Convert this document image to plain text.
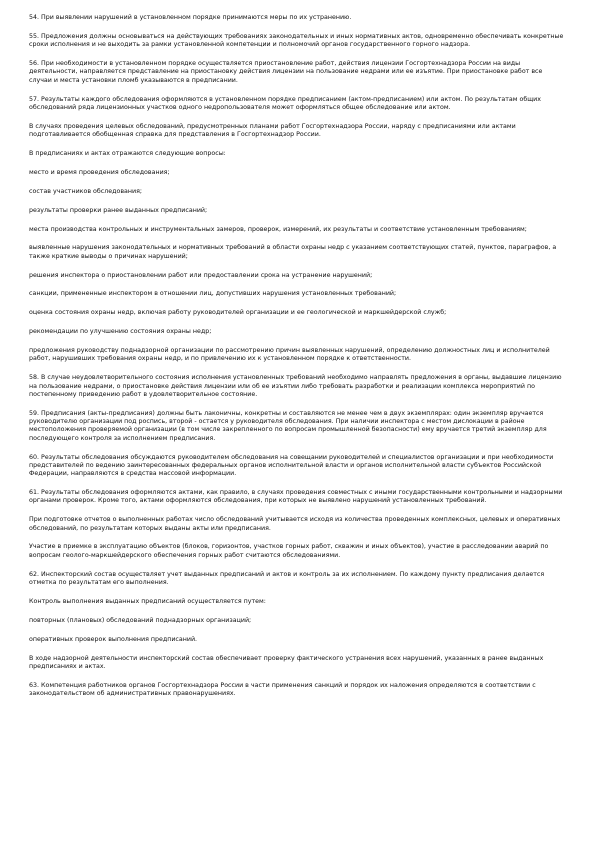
54. При выявлении нарушений в установленном порядке принимаются меры по их устранению.

55. Предложения должны основываться на действующих требованиях законодательных и иных нормативных актов, одновременно обеспечивать конкретные сроки исполнения и не выходить за рамки установленной компетенции и полномочий органов государственного горного надзора.

56. При необходимости в установленном порядке осуществляется приостановление работ, действия лицензии Госгортехнадзора России на виды деятельности, направляется представление на приостановку действия лицензии на пользование недрами или ее изъятие. При приостановке работ все случаи и места установки пломб указываются в предписании.

57. Результаты каждого обследования оформляются в установленном порядке предписанием (актом-предписанием) или актом. По результатам общих обследований ряда лицензионных участков одного недропользователя может оформляться общее обследование или актом.

В случаях проведения целевых обследований, предусмотренных планами работ Госгортехнадзора России, наряду с предписаниями или актами подготавливается обобщенная справка для представления в Госгортехнадзор России.

В предписаниях и актах отражаются следующие вопросы:

место и время проведения обследования;

состав участников обследования;

результаты проверки ранее выданных предписаний;

места производства контрольных и инструментальных замеров, проверок, измерений, их результаты и соответствие установленным требованиям;

выявленные нарушения законодательных и нормативных требований в области охраны недр с указанием соответствующих статей, пунктов, параграфов, а также краткие выводы о причинах нарушений;

решения инспектора о приостановлении работ или предоставлении срока на устранение нарушений;

санкции, примененные инспектором в отношении лиц, допустивших нарушения установленных требований;

оценка состояния охраны недр, включая работу руководителей организации и ее геологической и маркшейдерской служб;

рекомендации по улучшению состояния охраны недр;

предложения руководству поднадзорной организации по рассмотрению причин выявленных нарушений, определению должностных лиц и исполнителей работ, нарушивших требования охраны недр, и по привлечению их к установленном порядке к ответственности.

58. В случае неудовлетворительного состояния исполнения установленных требований необходимо направлять предложения в органы, выдавшие лицензию на пользование недрами, о приостановке действия лицензии или об ее изъятии либо требовать разработки и реализации комплекса мероприятий по постепенному приведению работ в удовлетворительное состояние.

59. Предписания (акты-предписания) должны быть лаконичны, конкретны и составляются не менее чем в двух экземплярах: один экземпляр вручается руководителю организации под роспись, второй - остается у руководителя обследования. При наличии инспектора с местом дислокации в районе местоположения проверяемой организации (в том числе закрепленного по вопросам промышленной безопасности) ему вручается третий экземпляр для последующего контроля за исполнением предписания.

60. Результаты обследования обсуждаются руководителем обследования на совещании руководителей и специалистов организации и при необходимости представителей по ведению заинтересованных федеральных органов исполнительной власти и органов исполнительной власти субъектов Российской Федерации, направляются в средства массовой информации.

61. Результаты обследования оформляются актами, как правило, в случаях проведения совместных с иными государственными контрольными и надзорными органами проверок. Кроме того, актами оформляются обследования, при которых не выявлено нарушений установленных требований.

При подготовке отчетов о выполненных работах число обследований учитывается исходя из количества проведенных комплексных, целевых и оперативных обследований, по результатам которых выданы акты или предписания.

Участие в приемке в эксплуатацию объектов (блоков, горизонтов, участков горных работ, скважин и иных объектов), участие в расследовании аварий по вопросам геолого-маркшейдерского обеспечения горных работ считаются обследованиями.

62. Инспекторский состав осуществляет учет выданных предписаний и актов и контроль за их исполнением. По каждому пункту предписания делается отметка по результатам его выполнения.

Контроль выполнения выданных предписаний осуществляется путем:

повторных (плановых) обследований поднадзорных организаций;

оперативных проверок выполнения предписаний.

В ходе надзорной деятельности инспекторский состав обеспечивает проверку фактического устранения всех нарушений, указанных в ранее выданных предписаниях и актах.

63. Компетенция работников органов Госгортехнадзора России в части применения санкций и порядок их наложения определяются в соответствии с законодательством об административных правонарушениях.
